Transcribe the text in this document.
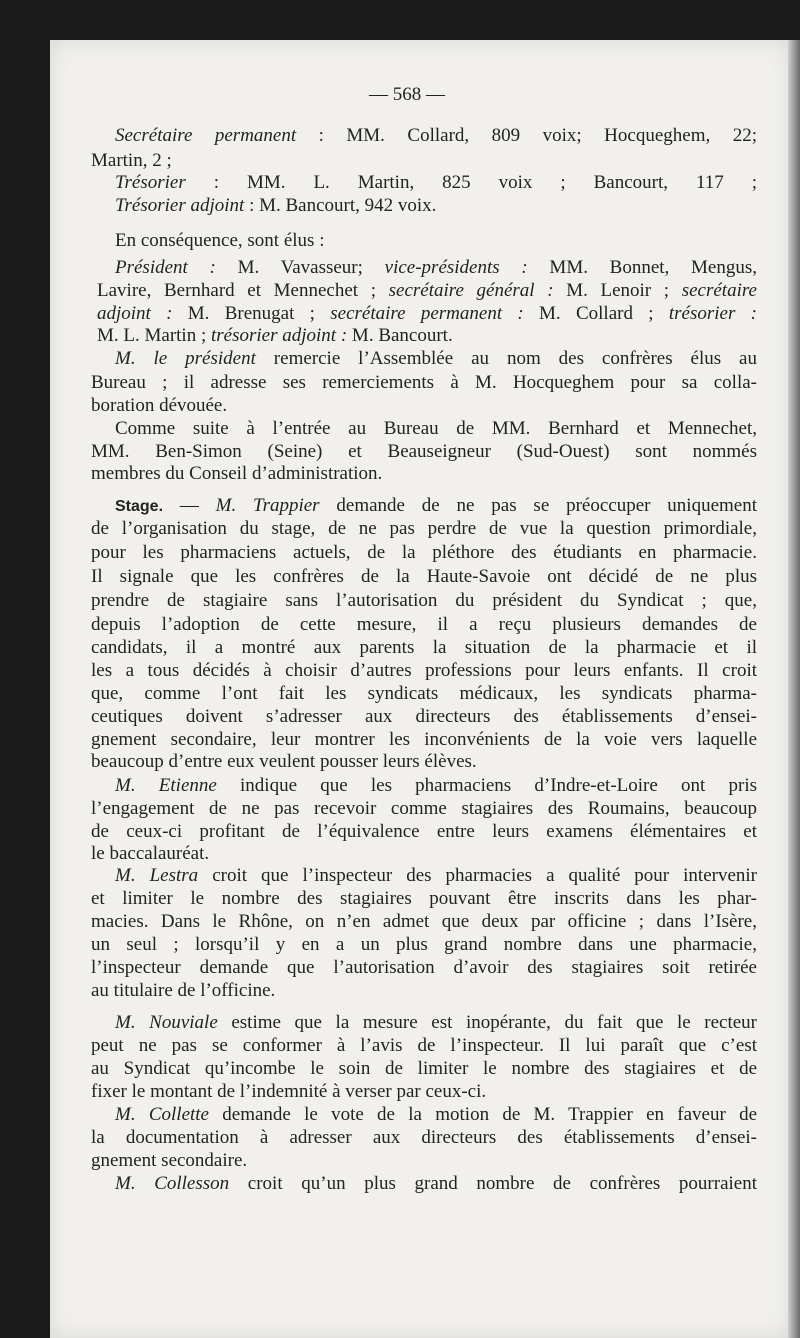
— 568 —
Secrétaire permanent : MM. Collard, 809 voix; Hocqueghem, 22;
Martin, 2 ;
Trésorier : MM. L. Martin, 825 voix ; Bancourt, 117 ;
Trésorier adjoint : M. Bancourt, 942 voix.
En conséquence, sont élus :
Président : M. Vavasseur; vice-présidents : MM. Bonnet, Mengus,
Lavire, Bernhard et Mennechet ; secrétaire général : M. Lenoir ; secrétaire
adjoint : M. Brenugat ; secrétaire permanent : M. Collard ; trésorier :
M. L. Martin ; trésorier adjoint : M. Bancourt.
M. le président remercie l’Assemblée au nom des confrères élus au
Bureau ; il adresse ses remerciements à M. Hocqueghem pour sa colla-
boration dévouée.
Comme suite à l’entrée au Bureau de MM. Bernhard et Mennechet,
MM. Ben-Simon (Seine) et Beauseigneur (Sud-Ouest) sont nommés
membres du Conseil d’administration.
Stage. — M. Trappier demande de ne pas se préoccuper uniquement
de l’organisation du stage, de ne pas perdre de vue la question primordiale,
pour les pharmaciens actuels, de la pléthore des étudiants en pharmacie.
Il signale que les confrères de la Haute-Savoie ont décidé de ne plus
prendre de stagiaire sans l’autorisation du président du Syndicat ; que,
depuis l’adoption de cette mesure, il a reçu plusieurs demandes de
candidats, il a montré aux parents la situation de la pharmacie et il
les a tous décidés à choisir d’autres professions pour leurs enfants. Il croit
que, comme l’ont fait les syndicats médicaux, les syndicats pharma-
ceutiques doivent s’adresser aux directeurs des établissements d’ensei-
gnement secondaire, leur montrer les inconvénients de la voie vers laquelle
beaucoup d’entre eux veulent pousser leurs élèves.
M. Etienne indique que les pharmaciens d’Indre-et-Loire ont pris
l’engagement de ne pas recevoir comme stagiaires des Roumains, beaucoup
de ceux-ci profitant de l’équivalence entre leurs examens élémentaires et
le baccalauréat.
M. Lestra croit que l’inspecteur des pharmacies a qualité pour intervenir
et limiter le nombre des stagiaires pouvant être inscrits dans les phar-
macies. Dans le Rhône, on n’en admet que deux par officine ; dans l’Isère,
un seul ; lorsqu’il y en a un plus grand nombre dans une pharmacie,
l’inspecteur demande que l’autorisation d’avoir des stagiaires soit retirée
au titulaire de l’officine.
M. Nouviale estime que la mesure est inopérante, du fait que le recteur
peut ne pas se conformer à l’avis de l’inspecteur. Il lui paraît que c’est
au Syndicat qu’incombe le soin de limiter le nombre des stagiaires et de
fixer le montant de l’indemnité à verser par ceux-ci.
M. Collette demande le vote de la motion de M. Trappier en faveur de
la documentation à adresser aux directeurs des établissements d’ensei-
gnement secondaire.
M. Collesson croit qu’un plus grand nombre de confrères pourraient
